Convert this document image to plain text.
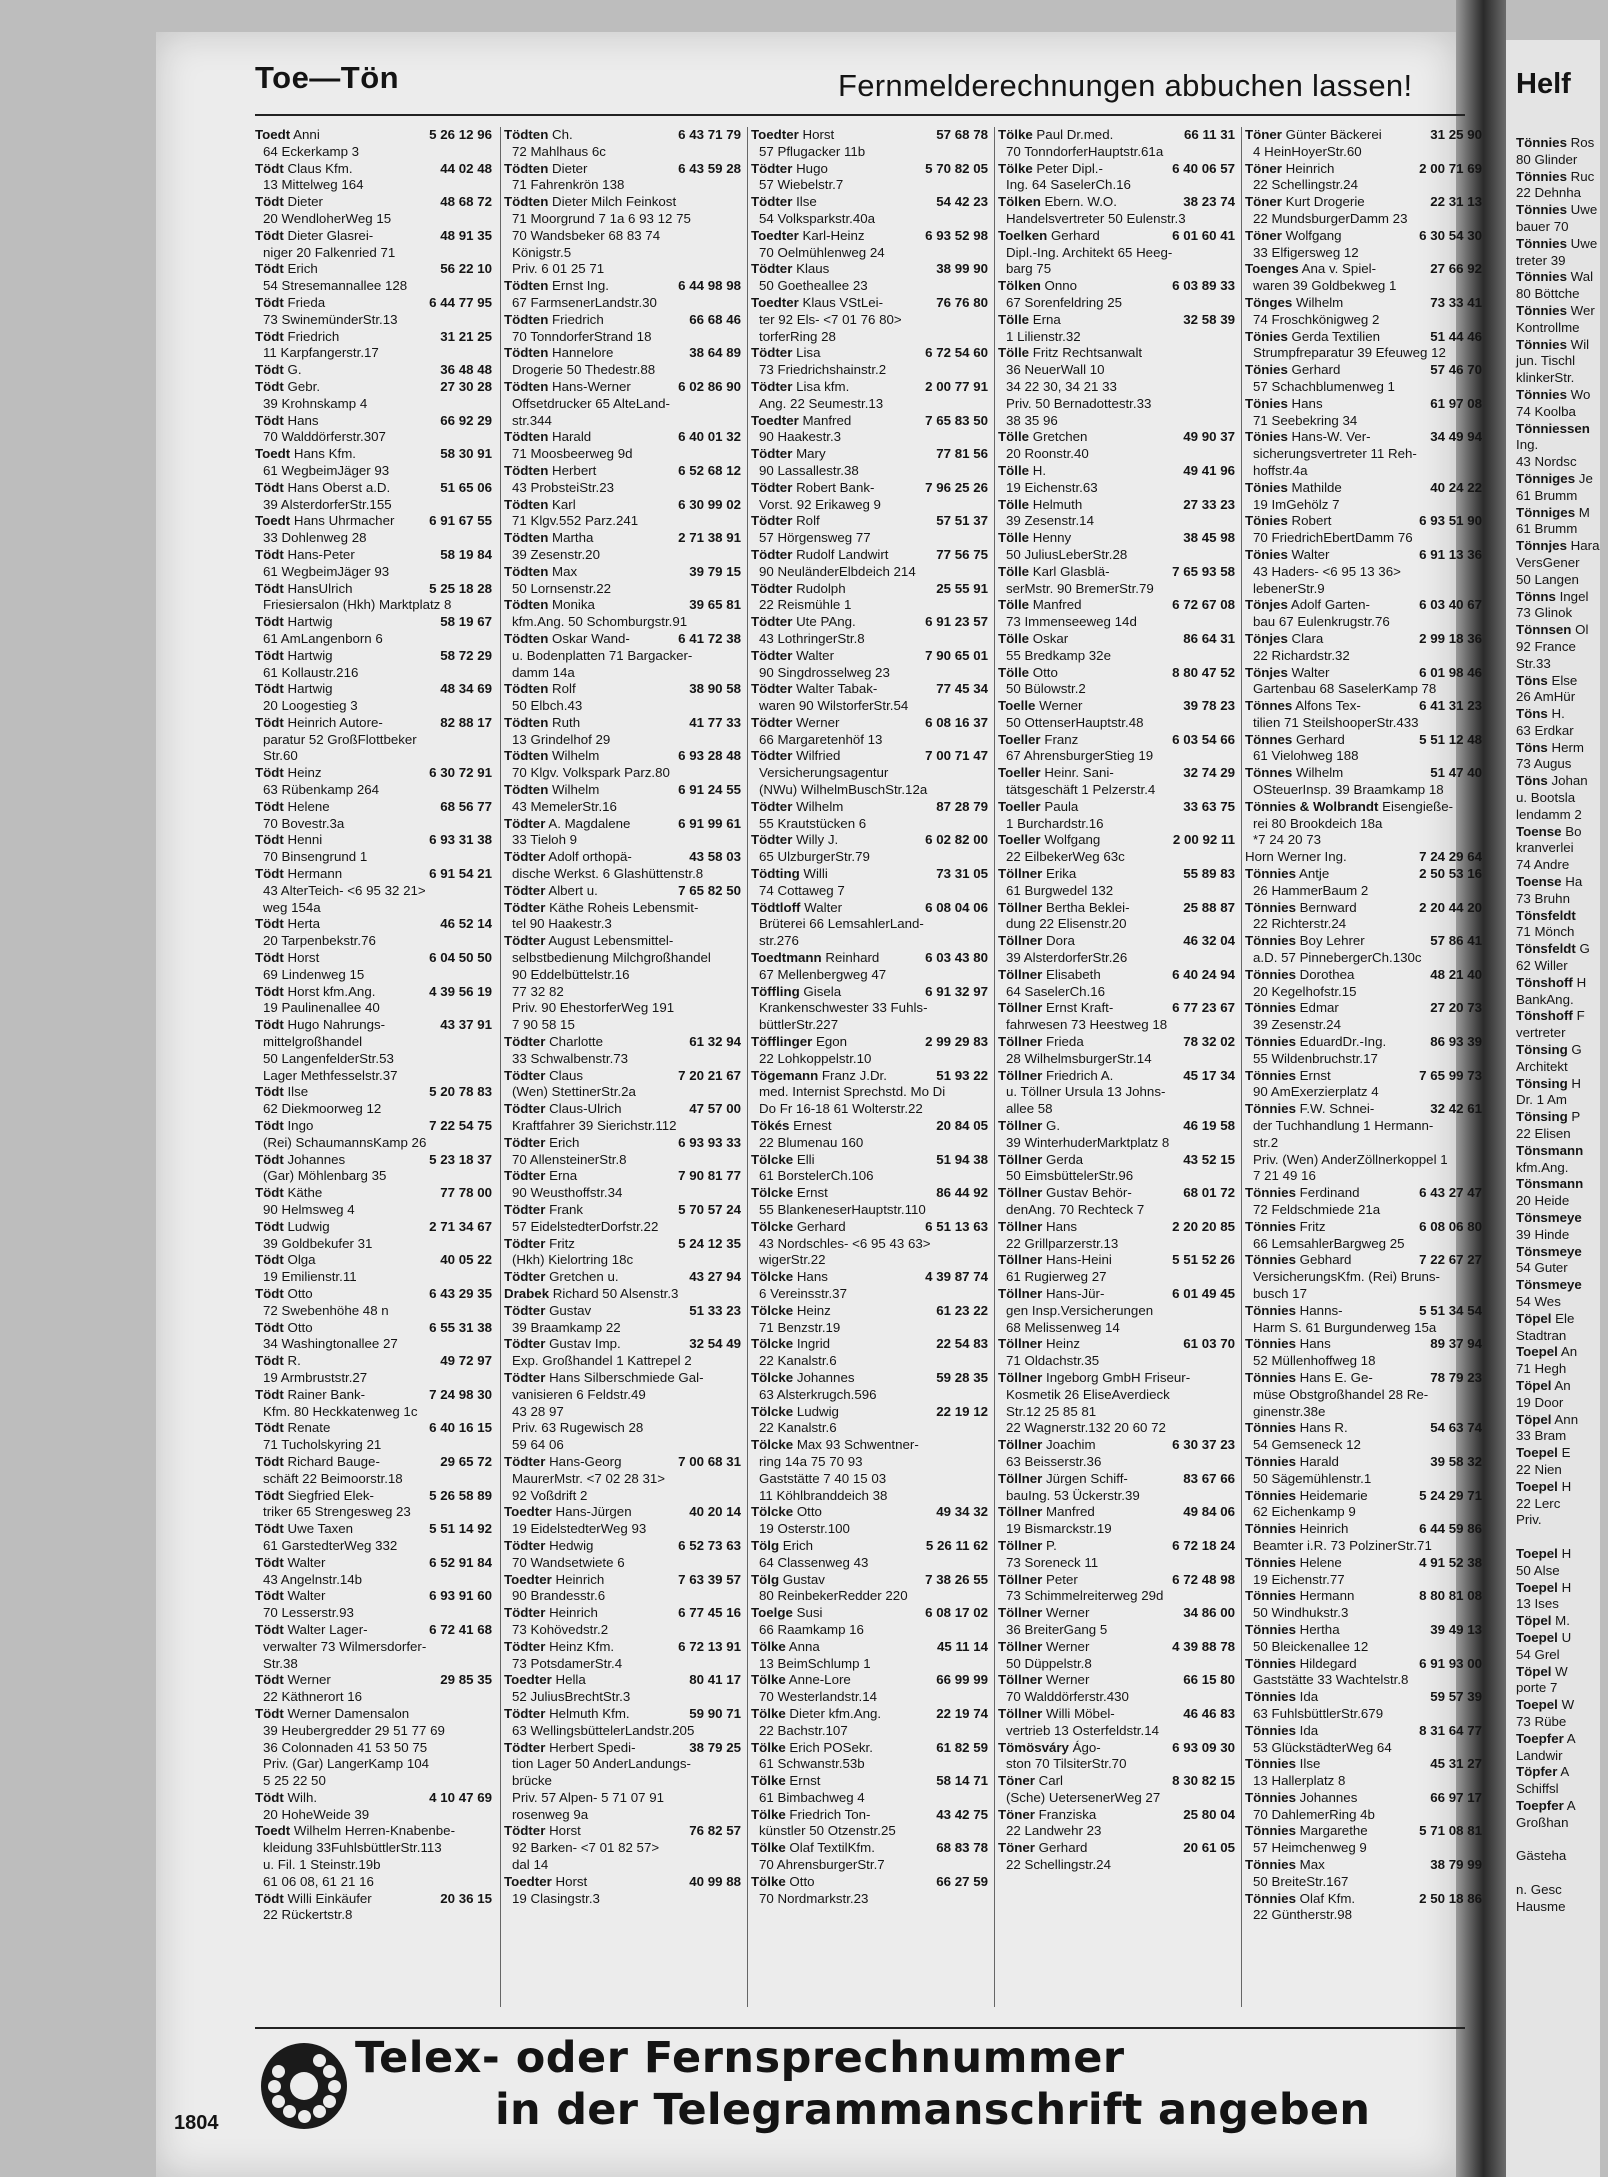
Helf
Tönnies Ros
80 Glinder
Tönnies Ruc
22 Dehnha
Tönnies Uwe
bauer 70
Tönnies Uwe
treter 39
Tönnies Wal
80 Böttche
Tönnies Wer
Kontrollme
Tönnies Wil
jun. Tischl
klinkerStr.
Tönnies Wo
74 Koolba
Tönniessen
Ing.
43 Nordsc
Tönniges Je
61 Brumm
Tönniges M
61 Brumm
Tönnjes Hara
VersGener
50 Langen
Tönns Ingel
73 Glinok
Tönnsen Ol
92 France
Str.33
Töns Else
26 AmHür
Töns H.
63 Erdkar
Töns Herm
73 Augus
Töns Johan
u. Bootsla
lendamm 2
Toense Bo
kranverlei
74 Andre
Toense Ha
73 Bruhn
Tönsfeldt
71 Mönch
Tönsfeldt G
62 Willer
Tönshoff H
BankAng.
Tönshoff F
vertreter
Tönsing G
Architekt
Tönsing H
Dr. 1 Am
Tönsing P
22 Elisen
Tönsmann
kfm.Ang.
Tönsmann
20 Heide
Tönsmeye
39 Hinde
Tönsmeye
54 Guter
Tönsmeye
54 Wes
Töpel Ele
Stadtran
Toepel An
71 Hegh
Töpel An
19 Door
Töpel Ann
33 Bram
Toepel E
22 Nien
Toepel H
22 Lerc
Priv.

Toepel H
50 Alse
Toepel H
13 Ises
Töpel M.
Toepel U
54 Grel
Töpel W
porte 7
Toepel W
73 Rübe
Toepfer A
Landwir
Töpfer A
Schiffsl
Toepfer A
Großhan

Gästeha

n. Gesc
Hausme
Toe—Tön	Fernmelderechnungen abbuchen lassen!
Toedt Anni	5 26 12 96
64 Eckerkamp 3
Tödt Claus Kfm.	44 02 48
13 Mittelweg 164
Tödt Dieter	48 68 72
20 WendloherWeg 15
Tödt Dieter Glasrei-	48 91 35
niger 20 Falkenried 71
Tödt Erich	56 22 10
54 Stresemannallee 128
Tödt Frieda	6 44 77 95
73 SwinemünderStr.13
Tödt Friedrich	31 21 25
11 Karpfangerstr.17
Tödt G.	36 48 48
Tödt Gebr.	27 30 28
39 Krohnskamp 4
Tödt Hans	66 92 29
70 Walddörferstr.307
Toedt Hans Kfm.	58 30 91
61 WegbeimJäger 93
Tödt Hans Oberst a.D.	51 65 06
39 AlsterdorferStr.155
Toedt Hans Uhrmacher	6 91 67 55
33 Dohlenweg 28
Tödt Hans-Peter	58 19 84
61 WegbeimJäger 93
Tödt HansUlrich	5 25 18 28
Friesiersalon (Hkh) Marktplatz 8
Tödt Hartwig	58 19 67
61 AmLangenborn 6
Tödt Hartwig	58 72 29
61 Kollaustr.216
Tödt Hartwig	48 34 69
20 Loogestieg 3
Tödt Heinrich Autore-	82 88 17
paratur 52 GroßFlottbeker
Str.60
Tödt Heinz	6 30 72 91
63 Rübenkamp 264
Tödt Helene	68 56 77
70 Bovestr.3a
Tödt Henni	6 93 31 38
70 Binsengrund 1
Tödt Hermann	6 91 54 21
43 AlterTeich- <6 95 32 21>
weg 154a
Tödt Herta	46 52 14
20 Tarpenbekstr.76
Tödt Horst	6 04 50 50
69 Lindenweg 15
Tödt Horst kfm.Ang.	4 39 56 19
19 Paulinenallee 40
Tödt Hugo Nahrungs-	43 37 91
mittelgroßhandel
50 LangenfelderStr.53
Lager Methfesselstr.37
Tödt Ilse	5 20 78 83
62 Diekmoorweg 12
Tödt Ingo	7 22 54 75
(Rei) SchaumannsKamp 26
Tödt Johannes	5 23 18 37
(Gar) Möhlenbarg 35
Tödt Käthe	77 78 00
90 Helmsweg 4
Tödt Ludwig	2 71 34 67
39 Goldbekufer 31
Tödt Olga	40 05 22
19 Emilienstr.11
Tödt Otto	6 43 29 35
72 Swebenhöhe 48 n
Tödt Otto	6 55 31 38
34 Washingtonallee 27
Tödt R.	49 72 97
19 Armbruststr.27
Tödt Rainer Bank-	7 24 98 30
Kfm. 80 Heckkatenweg 1c
Tödt Renate	6 40 16 15
71 Tucholskyring 21
Tödt Richard Bauge-	29 65 72
schäft 22 Beimoorstr.18
Tödt Siegfried Elek-	5 26 58 89
triker 65 Strengesweg 23
Tödt Uwe Taxen	5 51 14 92
61 GarstedterWeg 332
Tödt Walter	6 52 91 84
43 Angelnstr.14b
Tödt Walter	6 93 91 60
70 Lesserstr.93
Tödt Walter Lager-	6 72 41 68
verwalter 73 Wilmersdorfer-
Str.38
Tödt Werner	29 85 35
22 Käthnerort 16
Tödt Werner Damensalon
39 Heubergredder 29 51 77 69
36 Colonnaden 41 53 50 75
Priv. (Gar) LangerKamp 104
5 25 22 50
Tödt Wilh.	4 10 47 69
20 HoheWeide 39
Toedt Wilhelm Herren-Knabenbe-
kleidung 33FuhlsbüttlerStr.113
u. Fil. 1 Steinstr.19b
61 06 08, 61 21 16
Tödt Willi Einkäufer	20 36 15
22 Rückertstr.8
Tödten Ch.	6 43 71 79
72 Mahlhaus 6c
Tödten Dieter	6 43 59 28
71 Fahrenkrön 138
Tödten Dieter Milch Feinkost
71 Moorgrund 7 1a 6 93 12 75
70 Wandsbeker 68 83 74
Königstr.5
Priv. 6 01 25 71
Tödten Ernst Ing.	6 44 98 98
67 FarmsenerLandstr.30
Tödten Friedrich	66 68 46
70 TonndorferStrand 18
Tödten Hannelore	38 64 89
Drogerie 50 Thedestr.88
Tödten Hans-Werner	6 02 86 90
Offsetdrucker 65 AlteLand-
str.344
Tödten Harald	6 40 01 32
71 Moosbeerweg 9d
Tödten Herbert	6 52 68 12
43 ProbsteiStr.23
Tödten Karl	6 30 99 02
71 Klgv.552 Parz.241
Tödten Martha	2 71 38 91
39 Zesenstr.20
Tödten Max	39 79 15
50 Lornsenstr.22
Tödten Monika	39 65 81
kfm.Ang. 50 Schomburgstr.91
Tödten Oskar Wand-	6 41 72 38
u. Bodenplatten 71 Bargacker-
damm 14a
Tödten Rolf	38 90 58
50 Elbch.43
Tödten Ruth	41 77 33
13 Grindelhof 29
Tödten Wilhelm	6 93 28 48
70 Klgv. Volkspark Parz.80
Tödten Wilhelm	6 91 24 55
43 MemelerStr.16
Tödter A. Magdalene	6 91 99 61
33 Tieloh 9
Tödter Adolf orthopä-	43 58 03
dische Werkst. 6 Glashüttenstr.8
Tödter Albert u.	7 65 82 50
Tödter Käthe Roheis Lebensmit-
tel 90 Haakestr.3
Tödter August Lebensmittel-
selbstbedienung Milchgroßhandel
90 Eddelbüttelstr.16
77 32 82
Priv. 90 EhestorferWeg 191
7 90 58 15
Tödter Charlotte	61 32 94
33 Schwalbenstr.73
Tödter Claus	7 20 21 67
(Wen) StettinerStr.2a
Tödter Claus-Ulrich	47 57 00
Kraftfahrer 39 Sierichstr.112
Tödter Erich	6 93 93 33
70 AllensteinerStr.8
Tödter Erna	7 90 81 77
90 Weusthoffstr.34
Tödter Frank	5 70 57 24
57 EidelstedterDorfstr.22
Tödter Fritz	5 24 12 35
(Hkh) Kielortring 18c
Tödter Gretchen u.	43 27 94
Drabek Richard 50 Alsenstr.3
Tödter Gustav	51 33 23
39 Braamkamp 22
Tödter Gustav Imp.	32 54 49
Exp. Großhandel 1 Kattrepel 2
Tödter Hans Silberschmiede Gal-
vanisieren 6 Feldstr.49
43 28 97
Priv. 63 Rugewisch 28
59 64 06
Tödter Hans-Georg	7 00 68 31
MaurerMstr. <7 02 28 31>
92 Voßdrift 2
Toedter Hans-Jürgen	40 20 14
19 EidelstedterWeg 93
Tödter Hedwig	6 52 73 63
70 Wandsetwiete 6
Toedter Heinrich	7 63 39 57
90 Brandesstr.6
Tödter Heinrich	6 77 45 16
73 Kohövedstr.2
Tödter Heinz Kfm.	6 72 13 91
73 PotsdamerStr.4
Toedter Hella	80 41 17
52 JuliusBrechtStr.3
Tödter Helmuth Kfm.	59 90 71
63 WellingsbüttelerLandstr.205
Tödter Herbert Spedi-	38 79 25
tion Lager 50 AnderLandungs-
brücke
Priv. 57 Alpen- 5 71 07 91
rosenweg 9a
Tödter Horst	76 82 57
92 Barken- <7 01 82 57>
dal 14
Toedter Horst	40 99 88
19 Clasingstr.3
Toedter Horst	57 68 78
57 Pflugacker 11b
Tödter Hugo	5 70 82 05
57 Wiebelstr.7
Tödter Ilse	54 42 23
54 Volksparkstr.40a
Toedter Karl-Heinz	6 93 52 98
70 Oelmühlenweg 24
Tödter Klaus	38 99 90
50 Goetheallee 23
Toedter Klaus VStLei-	76 76 80
ter 92 Els- <7 01 76 80>
torferRing 28
Tödter Lisa	6 72 54 60
73 Friedrichshainstr.2
Tödter Lisa kfm.	2 00 77 91
Ang. 22 Seumestr.13
Toedter Manfred	7 65 83 50
90 Haakestr.3
Tödter Mary	77 81 56
90 Lassallestr.38
Tödter Robert Bank-	7 96 25 26
Vorst. 92 Erikaweg 9
Tödter Rolf	57 51 37
57 Hörgensweg 77
Tödter Rudolf Landwirt	77 56 75
90 NeuländerElbdeich 214
Tödter Rudolph	25 55 91
22 Reismühle 1
Tödter Ute PAng.	6 91 23 57
43 LothringerStr.8
Tödter Walter	7 90 65 01
90 Singdrosselweg 23
Tödter Walter Tabak-	77 45 34
waren 90 WilstorferStr.54
Tödter Werner	6 08 16 37
66 Margaretenhöf 13
Tödter Wilfried	7 00 71 47
Versicherungsagentur
(NWu) WilhelmBuschStr.12a
Tödter Wilhelm	87 28 79
55 Krautstücken 6
Tödter Willy J.	6 02 82 00
65 UlzburgerStr.79
Tödting Willi	73 31 05
74 Cottaweg 7
Tödtloff Walter	6 08 04 06
Brüterei 66 LemsahlerLand-
str.276
Toedtmann Reinhard	6 03 43 80
67 Mellenbergweg 47
Töffling Gisela	6 91 32 97
Krankenschwester 33 Fuhls-
büttlerStr.227
Töfflinger Egon	2 99 29 83
22 Lohkoppelstr.10
Tögemann Franz J.Dr.	51 93 22
med. Internist Sprechstd. Mo Di
Do Fr 16-18 61 Wolterstr.22
Tökés Ernest	20 84 05
22 Blumenau 160
Tölcke Elli	51 94 38
61 BorstelerCh.106
Tölcke Ernst	86 44 92
55 BlankeneserHauptstr.110
Tölcke Gerhard	6 51 13 63
43 Nordschles- <6 95 43 63>
wigerStr.22
Tölcke Hans	4 39 87 74
6 Vereinsstr.37
Tölcke Heinz	61 23 22
71 Benzstr.19
Tölcke Ingrid	22 54 83
22 Kanalstr.6
Tölcke Johannes	59 28 35
63 Alsterkrugch.596
Tölcke Ludwig	22 19 12
22 Kanalstr.6
Tölcke Max 93 Schwentner-
ring 14a 75 70 93
Gaststätte 7 40 15 03
11 Köhlbranddeich 38
Tölcke Otto	49 34 32
19 Osterstr.100
Tölg Erich	5 26 11 62
64 Classenweg 43
Tölg Gustav	7 38 26 55
80 ReinbekerRedder 220
Toelge Susi	6 08 17 02
66 Raamkamp 16
Tölke Anna	45 11 14
13 BeimSchlump 1
Tölke Anne-Lore	66 99 99
70 Westerlandstr.14
Tölke Dieter kfm.Ang.	22 19 74
22 Bachstr.107
Tölke Erich POSekr.	61 82 59
61 Schwanstr.53b
Tölke Ernst	58 14 71
61 Bimbachweg 4
Tölke Friedrich Ton-	43 42 75
künstler 50 Otzenstr.25
Tölke Olaf TextilKfm.	68 83 78
70 AhrensburgerStr.7
Tölke Otto	66 27 59
70 Nordmarkstr.23
Tölke Paul Dr.med.	66 11 31
70 TonndorferHauptstr.61a
Tölke Peter Dipl.-	6 40 06 57
Ing. 64 SaselerCh.16
Tölken Ebern. W.O.	38 23 74
Handelsvertreter 50 Eulenstr.3
Toelken Gerhard	6 01 60 41
Dipl.-Ing. Architekt 65 Heeg-
barg 75
Tölken Onno	6 03 89 33
67 Sorenfeldring 25
Tölle Erna	32 58 39
1 Lilienstr.32
Tölle Fritz Rechtsanwalt
36 NeuerWall 10
34 22 30, 34 21 33
Priv. 50 Bernadottestr.33
38 35 96
Tölle Gretchen	49 90 37
20 Roonstr.40
Tölle H.	49 41 96
19 Eichenstr.63
Tölle Helmuth	27 33 23
39 Zesenstr.14
Tölle Henny	38 45 98
50 JuliusLeberStr.28
Tölle Karl Glasblä-	7 65 93 58
serMstr. 90 BremerStr.79
Tölle Manfred	6 72 67 08
73 Immenseeweg 14d
Tölle Oskar	86 64 31
55 Bredkamp 32e
Tölle Otto	8 80 47 52
50 Bülowstr.2
Toelle Werner	39 78 23
50 OttenserHauptstr.48
Toeller Franz	6 03 54 66
67 AhrensburgerStieg 19
Toeller Heinr. Sani-	32 74 29
tätsgeschäft 1 Pelzerstr.4
Toeller Paula	33 63 75
1 Burchardstr.16
Toeller Wolfgang	2 00 92 11
22 EilbekerWeg 63c
Töllner Erika	55 89 83
61 Burgwedel 132
Töllner Bertha Beklei-	25 88 87
dung 22 Elisenstr.20
Töllner Dora	46 32 04
39 AlsterdorferStr.26
Töllner Elisabeth	6 40 24 94
64 SaselerCh.16
Töllner Ernst Kraft-	6 77 23 67
fahrwesen 73 Heestweg 18
Töllner Frieda	78 32 02
28 WilhelmsburgerStr.14
Töllner Friedrich A.	45 17 34
u. Töllner Ursula 13 Johns-
allee 58
Töllner G.	46 19 58
39 WinterhuderMarktplatz 8
Töllner Gerda	43 52 15
50 EimsbüttelerStr.96
Töllner Gustav Behör-	68 01 72
denAng. 70 Rechteck 7
Töllner Hans	2 20 20 85
22 Grillparzerstr.13
Töllner Hans-Heini	5 51 52 26
61 Rugierweg 27
Töllner Hans-Jür-	6 01 49 45
gen Insp.Versicherungen
68 Melissenweg 14
Töllner Heinz	61 03 70
71 Oldachstr.35
Töllner Ingeborg GmbH Friseur-
Kosmetik 26 EliseAverdieck
Str.12 25 85 81
22 Wagnerstr.132 20 60 72
Töllner Joachim	6 30 37 23
63 Beisserstr.36
Töllner Jürgen Schiff-	83 67 66
bauIng. 53 Ückerstr.39
Töllner Manfred	49 84 06
19 Bismarckstr.19
Töllner P.	6 72 18 24
73 Soreneck 11
Töllner Peter	6 72 48 98
73 Schimmelreiterweg 29d
Töllner Werner	34 86 00
36 BreiterGang 5
Töllner Werner	4 39 88 78
50 Düppelstr.8
Töllner Werner	66 15 80
70 Walddörferstr.430
Töllner Willi Möbel-	46 46 83
vertrieb 13 Osterfeldstr.14
Tömösváry Ágo-	6 93 09 30
ston 70 TilsiterStr.70
Töner Carl	8 30 82 15
(Sche) UetersenerWeg 27
Töner Franziska	25 80 04
22 Landwehr 23
Töner Gerhard	20 61 05
22 Schellingstr.24
Töner Günter Bäckerei	31 25 90
4 HeinHoyerStr.60
Töner Heinrich	2 00 71 69
22 Schellingstr.24
Töner Kurt Drogerie	22 31 13
22 MundsburgerDamm 23
Töner Wolfgang	6 30 54 30
33 Elfigersweg 12
Toenges Ana v. Spiel-	27 66 92
waren 39 Goldbekweg 1
Tönges Wilhelm	73 33 41
74 Froschkönigweg 2
Tönies Gerda Textilien	51 44 46
Strumpfreparatur 39 Efeuweg 12
Tönies Gerhard	57 46 70
57 Schachblumenweg 1
Tönies Hans	61 97 08
71 Seebekring 34
Tönies Hans-W. Ver-	34 49 94
sicherungsvertreter 11 Reh-
hoffstr.4a
Tönies Mathilde	40 24 22
19 ImGehölz 7
Tönies Robert	6 93 51 90
70 FriedrichEbertDamm 76
Tönies Walter	6 91 13 36
43 Haders- <6 95 13 36>
lebenerStr.9
Tönjes Adolf Garten-	6 03 40 67
bau 67 Eulenkrugstr.76
Tönjes Clara	2 99 18 36
22 Richardstr.32
Tönjes Walter	6 01 98 46
Gartenbau 68 SaselerKamp 78
Tönnes Alfons Tex-	6 41 31 23
tilien 71 SteilshooperStr.433
Tönnes Gerhard	5 51 12 48
61 Vielohweg 188
Tönnes Wilhelm	51 47 40
OSteuerInsp. 39 Braamkamp 18
Tönnies & Wolbrandt Eisengieße-
rei 80 Brookdeich 18a
*7 24 20 73
Horn Werner Ing.	7 24 29 64
Tönnies Antje	2 50 53 16
26 HammerBaum 2
Tönnies Bernward	2 20 44 20
22 Richterstr.24
Tönnies Boy Lehrer	57 86 41
a.D. 57 PinnebergerCh.130c
Tönnies Dorothea	48 21 40
20 Kegelhofstr.15
Tönnies Edmar	27 20 73
39 Zesenstr.24
Tönnies EduardDr.-Ing.	86 93 39
55 Wildenbruchstr.17
Tönnies Ernst	7 65 99 73
90 AmExerzierplatz 4
Tönnies F.W. Schnei-	32 42 61
der Tuchhandlung 1 Hermann-
str.2
Priv. (Wen) AnderZöllnerkoppel 1
7 21 49 16
Tönnies Ferdinand	6 43 27 47
72 Feldschmiede 21a
Tönnies Fritz	6 08 06 80
66 LemsahlerBargweg 25
Tönnies Gebhard	7 22 67 27
VersicherungsKfm. (Rei) Bruns-
busch 17
Tönnies Hanns-	5 51 34 54
Harm S. 61 Burgunderweg 15a
Tönnies Hans	89 37 94
52 Müllenhoffweg 18
Tönnies Hans E. Ge-	78 79 23
müse Obstgroßhandel 28 Re-
ginenstr.38e
Tönnies Hans R.	54 63 74
54 Gemseneck 12
Tönnies Harald	39 58 32
50 Sägemühlenstr.1
Tönnies Heidemarie	5 24 29 71
62 Eichenkamp 9
Tönnies Heinrich	6 44 59 86
Beamter i.R. 73 PolzinerStr.71
Tönnies Helene	4 91 52 38
19 Eichenstr.77
Tönnies Hermann	8 80 81 08
50 Windhukstr.3
Tönnies Hertha	39 49 13
50 Bleickenallee 12
Tönnies Hildegard	6 91 93 00
Gaststätte 33 Wachtelstr.8
Tönnies Ida	59 57 39
63 FuhlsbüttlerStr.679
Tönnies Ida	8 31 64 77
53 GlückstädterWeg 64
Tönnies Ilse	45 31 27
13 Hallerplatz 8
Tönnies Johannes	66 97 17
70 DahlemerRing 4b
Tönnies Margarethe	5 71 08 81
57 Heimchenweg 9
Tönnies Max	38 79 99
50 BreiteStr.167
Tönnies Olaf Kfm.	2 50 18 86
22 Güntherstr.98
Telex- oder Fernsprechnummer
in der Telegrammanschrift angeben
1804
